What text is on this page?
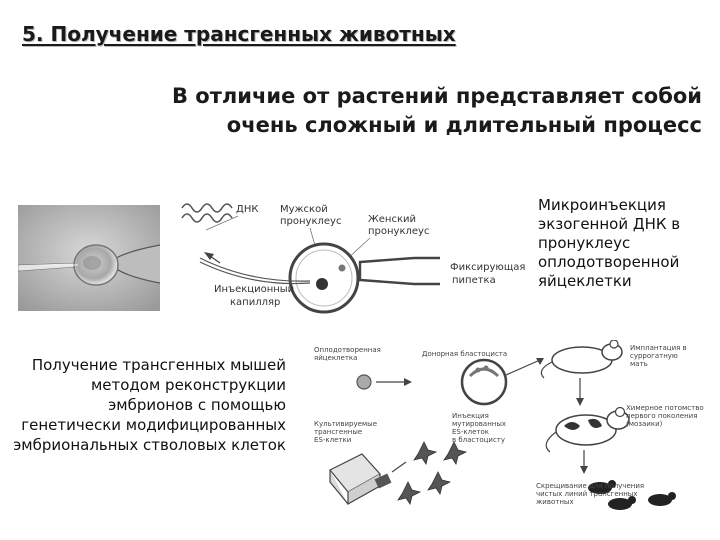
5. Получение трансгенных животных
В отличие от растений представляет собой
очень сложный и длительный процесс
ДНК Мужской
пронуклеус	Женский
пронуклеус
Инъекционный
капилляр
Фиксирующая
пипетка
Микроинъекция экзогенной ДНК в пронуклеус оплодотворенной яйцеклетки
Получение трансгенных мышей методом реконструкции эмбрионов с помощью генетически модифицированных эмбриональных стволовых клеток
Оплодотворенная
яйцеклетка	Донорная бластоциста
Инъекция
мутированных
ES-клеток
в бластоцисту
Культивируемые
трансгенные
ES-клетки
Имплантация в
суррогатную
мать
Химерное потомство
первого поколения
(мозаики)
Скрещивание для получения
чистых линий трансгенных
животных
